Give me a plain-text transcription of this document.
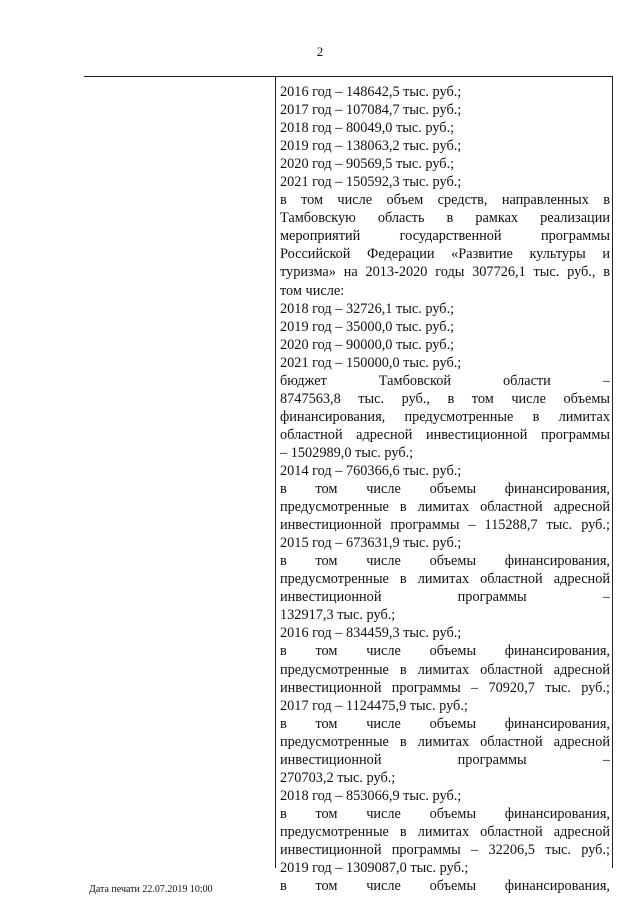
2
2016 год – 148642,5 тыс. руб.;
2017 год – 107084,7 тыс. руб.;
2018 год – 80049,0 тыс. руб.;
2019 год – 138063,2 тыс. руб.;
2020 год – 90569,5 тыс. руб.;
2021 год – 150592,3 тыс. руб.;
в том числе объем средств, направленных в
Тамбовскую область в рамках реализации
мероприятий государственной программы
Российской Федерации «Развитие культуры и
туризма» на 2013-2020 годы 307726,1 тыс. руб., в
том числе:
2018 год – 32726,1 тыс. руб.;
2019 год – 35000,0 тыс. руб.;
2020 год – 90000,0 тыс. руб.;
2021 год – 150000,0 тыс. руб.;
бюджет Тамбовской области –
8747563,8 тыс. руб., в том числе объемы
финансирования, предусмотренные в лимитах
областной адресной инвестиционной программы
– 1502989,0 тыс. руб.;
2014 год – 760366,6 тыс. руб.;
в том числе объемы финансирования,
предусмотренные в лимитах областной адресной
инвестиционной программы – 115288,7 тыс. руб.;
2015 год – 673631,9 тыс. руб.;
в том числе объемы финансирования,
предусмотренные в лимитах областной адресной
инвестиционной программы –
132917,3 тыс. руб.;
2016 год – 834459,3 тыс. руб.;
в том числе объемы финансирования,
предусмотренные в лимитах областной адресной
инвестиционной программы – 70920,7 тыс. руб.;
2017 год – 1124475,9 тыс. руб.;
в том числе объемы финансирования,
предусмотренные в лимитах областной адресной
инвестиционной программы –
270703,2 тыс. руб.;
2018 год – 853066,9 тыс. руб.;
в том числе объемы финансирования,
предусмотренные в лимитах областной адресной
инвестиционной программы – 32206,5 тыс. руб.;
2019 год – 1309087,0 тыс. руб.;
в том числе объемы финансирования,
Дата печати 22.07.2019 10:00
